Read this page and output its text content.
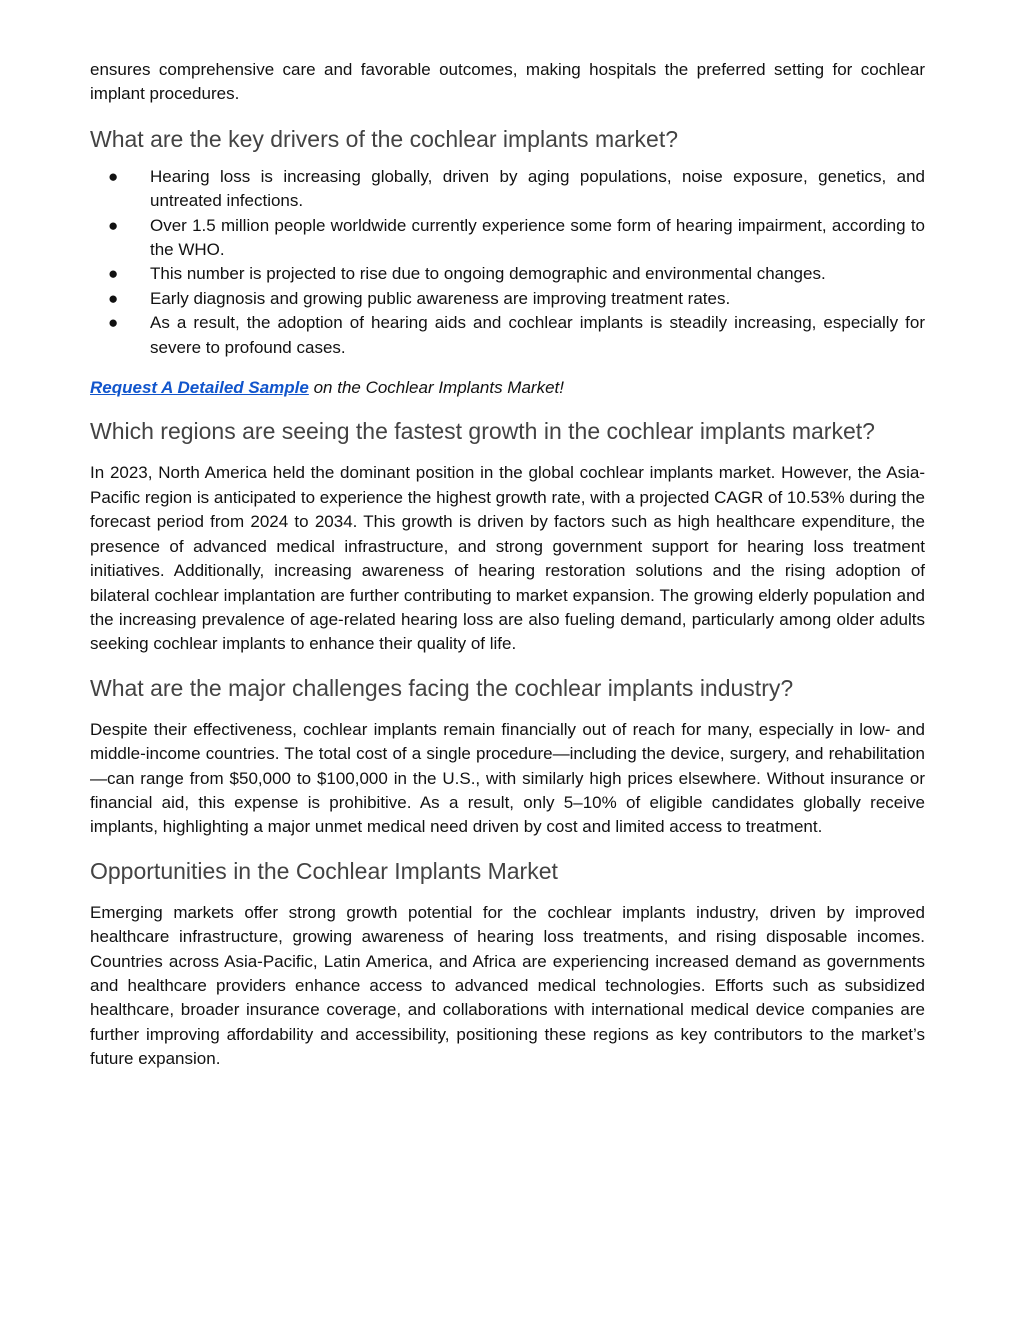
ensures comprehensive care and favorable outcomes, making hospitals the preferred setting for cochlear implant procedures.

What are the key drivers of the cochlear implants market?
●	Hearing loss is increasing globally, driven by aging populations, noise exposure, genetics, and untreated infections.
●	Over 1.5 million people worldwide currently experience some form of hearing impairment, according to the WHO.
●	This number is projected to rise due to ongoing demographic and environmental changes.
●	Early diagnosis and growing public awareness are improving treatment rates.
●	As a result, the adoption of hearing aids and cochlear implants is steadily increasing, especially for severe to profound cases.

Request A Detailed Sample on the Cochlear Implants Market!

Which regions are seeing the fastest growth in the cochlear implants market?

In 2023, North America held the dominant position in the global cochlear implants market. However, the Asia-Pacific region is anticipated to experience the highest growth rate, with a projected CAGR of 10.53% during the forecast period from 2024 to 2034. This growth is driven by factors such as high healthcare expenditure, the presence of advanced medical infrastructure, and strong government support for hearing loss treatment initiatives. Additionally, increasing awareness of hearing restoration solutions and the rising adoption of bilateral cochlear implantation are further contributing to market expansion. The growing elderly population and the increasing prevalence of age-related hearing loss are also fueling demand, particularly among older adults seeking cochlear implants to enhance their quality of life.

What are the major challenges facing the cochlear implants industry?

Despite their effectiveness, cochlear implants remain financially out of reach for many, especially in low- and middle-income countries. The total cost of a single procedure—including the device, surgery, and rehabilitation—can range from $50,000 to $100,000 in the U.S., with similarly high prices elsewhere. Without insurance or financial aid, this expense is prohibitive. As a result, only 5–10% of eligible candidates globally receive implants, highlighting a major unmet medical need driven by cost and limited access to treatment.

Opportunities in the Cochlear Implants Market

Emerging markets offer strong growth potential for the cochlear implants industry, driven by improved healthcare infrastructure, growing awareness of hearing loss treatments, and rising disposable incomes. Countries across Asia-Pacific, Latin America, and Africa are experiencing increased demand as governments and healthcare providers enhance access to advanced medical technologies. Efforts such as subsidized healthcare, broader insurance coverage, and collaborations with international medical device companies are further improving affordability and accessibility, positioning these regions as key contributors to the market’s future expansion.
